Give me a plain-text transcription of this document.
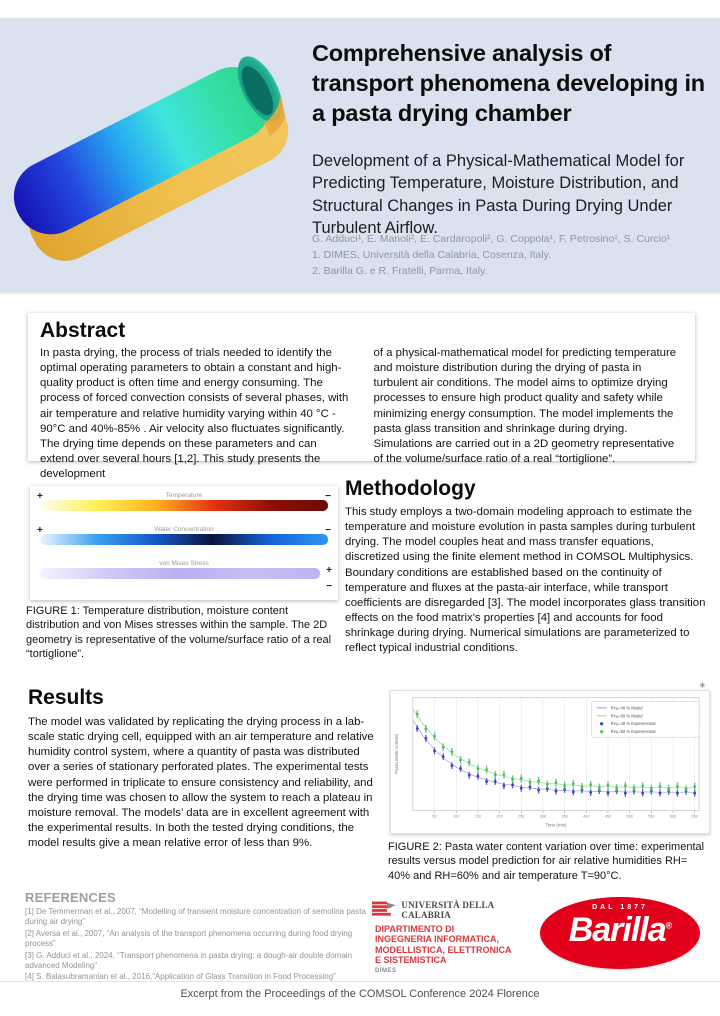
Comprehensive analysis of transport phenomena developing in a pasta drying chamber
Development of a Physical-Mathematical Model for Predicting Temperature, Moisture Distribution, and Structural Changes in Pasta During Drying Under Turbulent Airflow.
G. Adduci¹, E. Manoli², E. Cardaropoli², G. Coppola¹, F. Petrosino¹, S. Curcio¹
1. DIMES, Università della Calabria, Cosenza, Italy.
2. Barilla G. e R. Fratelli, Parma, Italy.
Abstract
In pasta drying, the process of trials needed to identify the optimal operating parameters to obtain a constant and high-quality product is often time and energy consuming. The process of forced convection consists of several phases, with air temperature and relative humidity varying within 40 °C - 90°C and 40%-85% . Air velocity also fluctuates significantly. The drying time depends on these parameters and can extend over several hours [1,2]. This study presents the development
of a physical-mathematical model for predicting temperature and moisture distribution during the drying of pasta in turbulent air conditions. The model aims to optimize drying processes to ensure high product quality and safety while minimizing energy consumption. The model implements the pasta glass transition and shrinkage during drying. Simulations are carried out in a 2D geometry representative of the volume/surface ratio of a real “tortiglione”.
+	−
Temperature
+	−
Water Concentration
+
−
von Mises Stress
FIGURE 1: Temperature distribution, moisture content distribution and von Mises stresses within the sample. The 2D geometry is representative of the volume/surface ratio of a real “tortiglione”.
Methodology
This study employs a two-domain modeling approach to estimate the temperature and moisture evolution in pasta samples during turbulent drying. The model couples heat and mass transfer equations, discretized using the finite element method in COMSOL Multiphysics. Boundary conditions are established based on the continuity of temperature and fluxes at the pasta-air interface, while transport coefficients are disregarded [3]. The model incorporates glass transition effects on the food matrix's properties [4] and accounts for food shrinkage during drying. Numerical simulations are parameterized to reflect typical industrial conditions.
Results
The model was validated by replicating the drying process in a lab-scale static drying cell, equipped with an air temperature and relative humidity control system, where a quantity of pasta was distributed over a series of stationary perforated plates. The experimental tests were performed in triplicate to ensure consistency and reliability, and the drying time was chosen to allow the system to reach a plateau in moisture removal. The models’ data are in excellent agreement with the experimental results. In both the tested drying conditions, the model results give a mean relative error of less than 9%.
✳
50	100	150	200	250	300	350	400	450	500	550	600	650
Time (min)
Pasta water content
RHₐ=40 % Model
RHₐ=60 % Model
RHₐ=40 % Experimental
RHₐ=60 % Experimental
FIGURE 2: Pasta water content variation over time: experimental results versus model prediction for air relative humidities RH= 40% and RH=60% and air temperature T=90°C.
REFERENCES
[1] De Temmerman et al., 2007, “Modelling of transient moisture concentration of semolina pasta during air drying”
[2] Aversa et al., 2007, “An analysis of the transport phenomena occurring during food drying process”
[3] G. Adduci et al., 2024, “Transport phenomena in pasta drying: a dough-air double domain advanced Modeling”
[4] S. Balasubramanian et al., 2016,“Application of Glass Transition in Food Processing”
UNIVERSITÀ DELLA CALABRIA
DIPARTIMENTO DI
INGEGNERIA INFORMATICA,
MODELLISTICA, ELETTRONICA
E SISTEMISTICA
DIMES
DAL 1877
Barilla®
Excerpt from the Proceedings of the COMSOL Conference 2024 Florence
